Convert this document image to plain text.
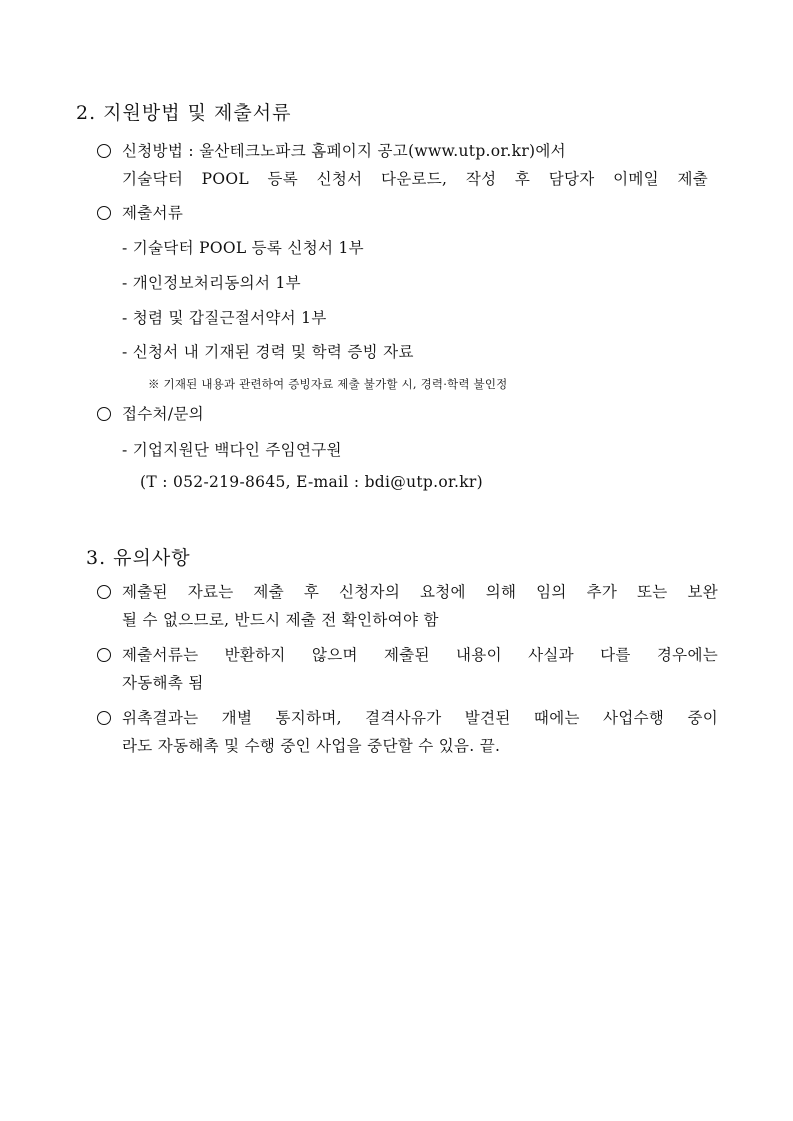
2. 지원방법 및 제출서류
신청방법 : 울산테크노파크 홈페이지 공고(www.utp.or.kr)에서
기술닥터 POOL 등록 신청서 다운로드, 작성 후 담당자 이메일 제출
제출서류
- 기술닥터 POOL 등록 신청서 1부
- 개인정보처리동의서 1부
- 청렴 및 갑질근절서약서 1부
- 신청서 내 기재된 경력 및 학력 증빙 자료
※ 기재된 내용과 관련하여 증빙자료 제출 불가할 시, 경력·학력 불인정
접수처/문의
- 기업지원단 백다인 주임연구원
(T : 052-219-8645, E-mail : bdi@utp.or.kr)
3. 유의사항
제출된 자료는 제출 후 신청자의 요청에 의해 임의 추가 또는 보완
될 수 없으므로, 반드시 제출 전 확인하여야 함
제출서류는 반환하지 않으며 제출된 내용이 사실과 다를 경우에는
자동해촉 됨
위촉결과는 개별 통지하며, 결격사유가 발견된 때에는 사업수행 중이
라도 자동해촉 및 수행 중인 사업을 중단할 수 있음. 끝.
